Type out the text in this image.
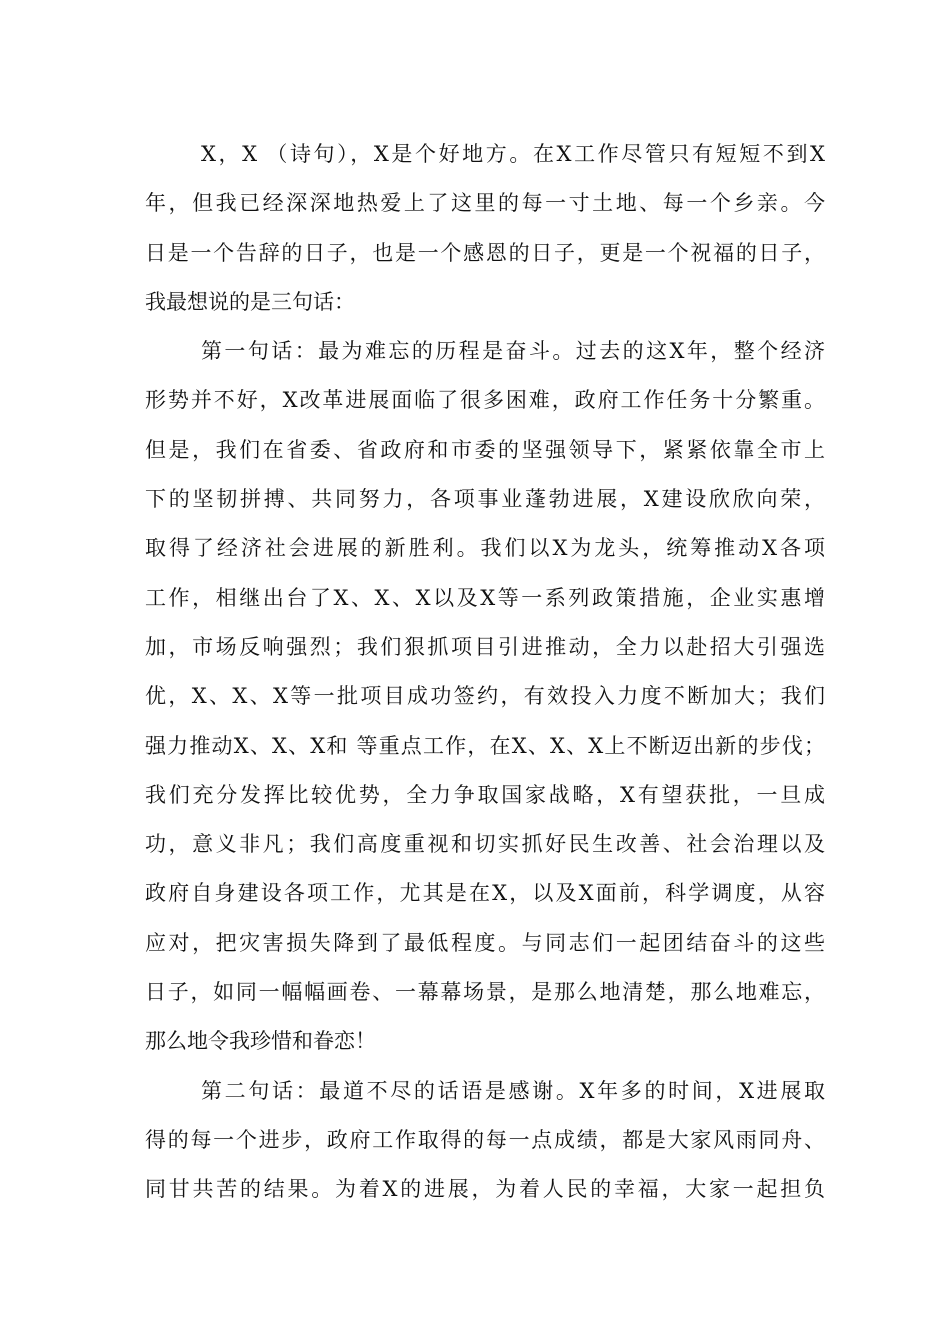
X，X （诗句），X是个好地方。在X工作尽管只有短短不到X
年，但我已经深深地热爱上了这里的每一寸土地、每一个乡亲。今
日是一个告辞的日子，也是一个感恩的日子，更是一个祝福的日子，
我最想说的是三句话：
第一句话：最为难忘的历程是奋斗。过去的这X年，整个经济
形势并不好，X改革进展面临了很多困难，政府工作任务十分繁重。
但是，我们在省委、省政府和市委的坚强领导下，紧紧依靠全市上
下的坚韧拼搏、共同努力，各项事业蓬勃进展，X建设欣欣向荣，
取得了经济社会进展的新胜利。我们以X为龙头，统筹推动X各项
工作，相继出台了X、X、X以及X等一系列政策措施，企业实惠增
加，市场反响强烈；我们狠抓项目引进推动，全力以赴招大引强选
优，X、X、X等一批项目成功签约，有效投入力度不断加大；我们
强力推动X、X、X和 等重点工作，在X、X、X上不断迈出新的步伐；
我们充分发挥比较优势，全力争取国家战略，X有望获批，一旦成
功，意义非凡；我们高度重视和切实抓好民生改善、社会治理以及
政府自身建设各项工作，尤其是在X，以及X面前，科学调度，从容
应对，把灾害损失降到了最低程度。与同志们一起团结奋斗的这些
日子，如同一幅幅画卷、一幕幕场景，是那么地清楚，那么地难忘，
那么地令我珍惜和眷恋！
第二句话：最道不尽的话语是感谢。X年多的时间，X进展取
得的每一个进步，政府工作取得的每一点成绩，都是大家风雨同舟、
同甘共苦的结果。为着X的进展，为着人民的幸福，大家一起担负
